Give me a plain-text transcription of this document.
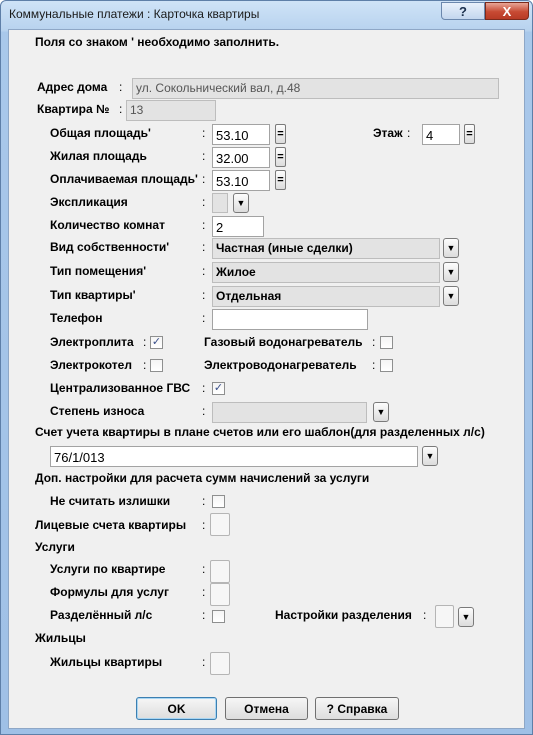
Коммунальные платежи : Карточка квартиры	?	X
Поля со знаком ' необходимо заполнить.
Адрес дома :	ул. Сокольнический вал, д.48
Квартира № : 13
Общая площадь'	: 53.10	=	Этаж :	4	=
Жилая площадь	: 32.00	=
Оплачиваемая площадь' : 53.10	=
Экспликация	:	▼
Количество комнат	: 2
Вид собственности'	: Частная (иные сделки)	▼
Тип помещения'	: Жилое	▼
Тип квартиры'	: Отдельная	▼
Телефон	:
Электроплита : ✓	Газовый водонагреватель :
Электрокотел :	Электроводонагреватель :
Централизованное ГВС : ✓
Степень износа	:	▼
Счет учета квартиры в плане счетов или его шаблон(для разделенных л/с)
76/1/013	▼
Доп. настройки для расчета сумм начислений за услуги
Не считать излишки	:
Лицевые счета квартиры :
Услуги
Услуги по квартире	:
Формулы для услуг	:
Разделённый л/с	:	Настройки разделения :	▼
Жильцы
Жильцы квартиры	:
OK	Отмена	? Справка
